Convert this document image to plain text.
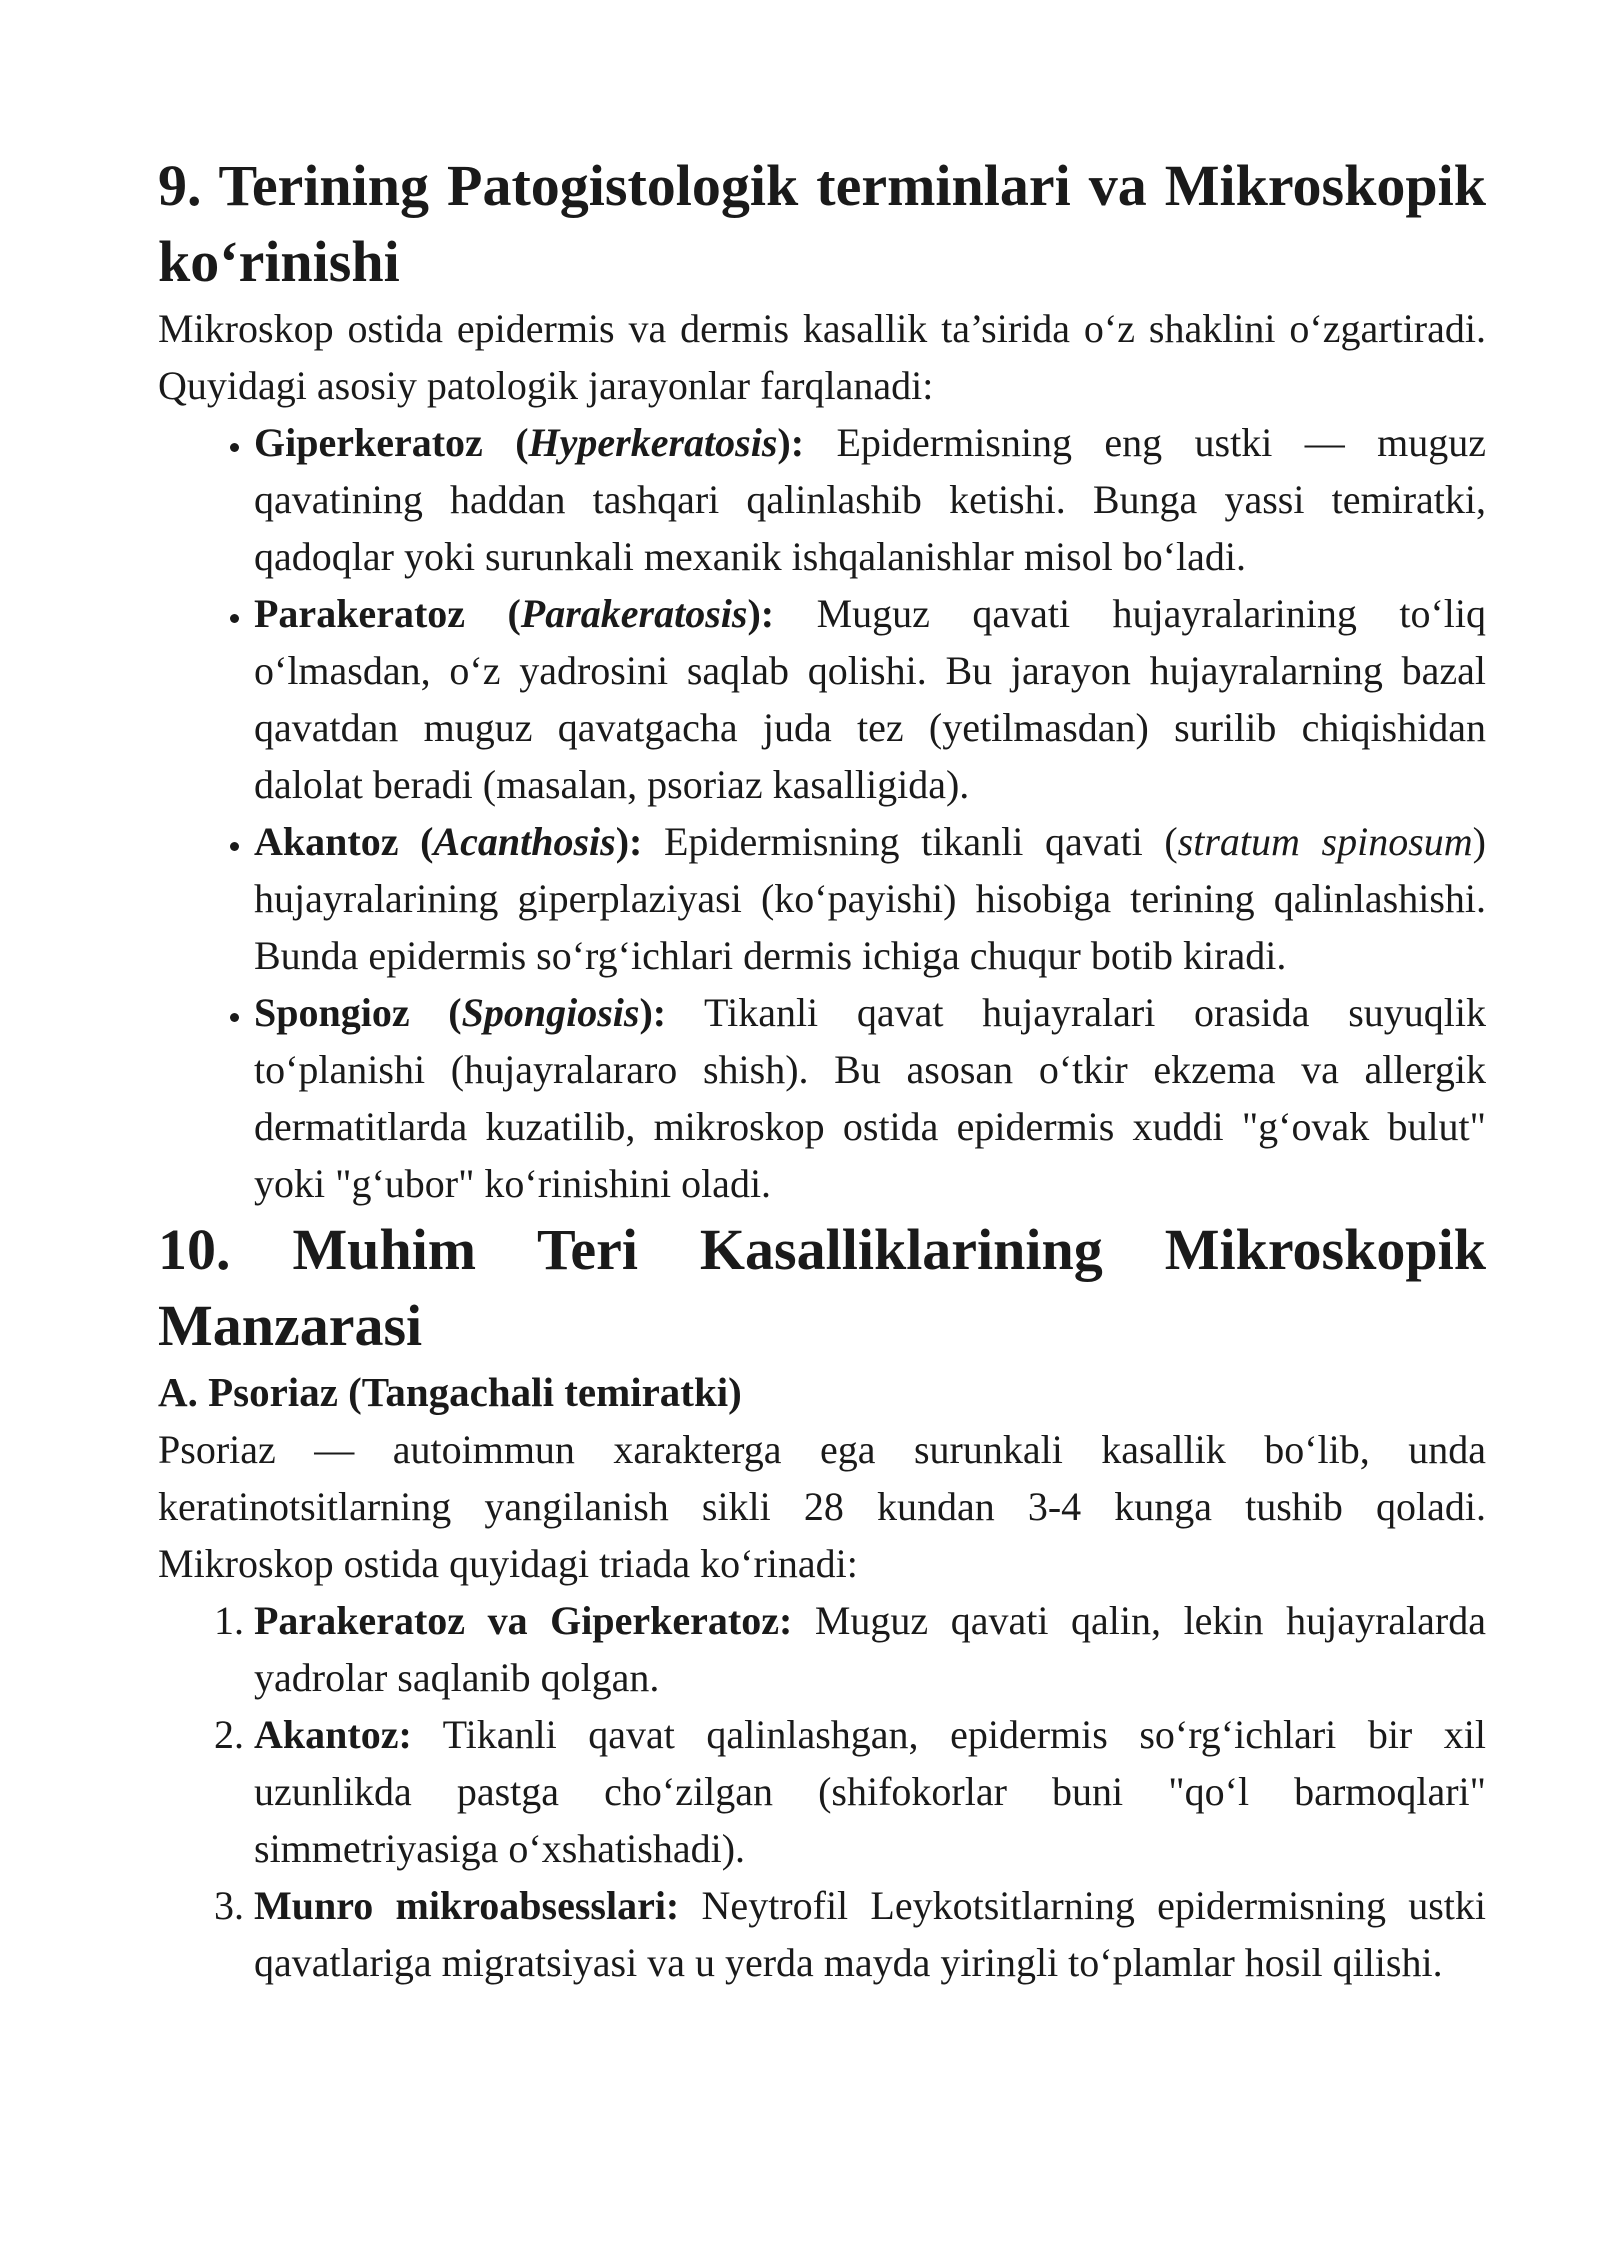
9. Terining Patogistologik terminlari va Mikroskopik ko‘rinishi

Mikroskop ostida epidermis va dermis kasallik ta’sirida o‘z shaklini o‘zgartiradi. Quyidagi asosiy patologik jarayonlar farqlanadi:

• Giperkeratoz (Hyperkeratosis): Epidermisning eng ustki — muguz qavatining haddan tashqari qalinlashib ketishi. Bunga yassi temiratki, qadoqlar yoki surunkali mexanik ishqalanishlar misol bo‘ladi.
• Parakeratoz (Parakeratosis): Muguz qavati hujayralarining to‘liq o‘lmasdan, o‘z yadrosini saqlab qolishi. Bu jarayon hujayralarning bazal qavatdan muguz qavatgacha juda tez (yetilmasdan) surilib chiqishidan dalolat beradi (masalan, psoriaz kasalligida).
• Akantoz (Acanthosis): Epidermisning tikanli qavati (stratum spinosum) hujayralarining giperplaziyasi (ko‘payishi) hisobiga terining qalinlashishi. Bunda epidermis so‘rg‘ichlari dermis ichiga chuqur botib kiradi.
• Spongioz (Spongiosis): Tikanli qavat hujayralari orasida suyuqlik to‘planishi (hujayralararo shish). Bu asosan o‘tkir ekzema va allergik dermatitlarda kuzatilib, mikroskop ostida epidermis xuddi "g‘ovak bulut" yoki "g‘ubor" ko‘rinishini oladi.
10. Muhim Teri Kasalliklarining Mikroskopik Manzarasi
A. Psoriaz (Tangachali temiratki)

Psoriaz — autoimmun xarakterga ega surunkali kasallik bo‘lib, unda keratinotsitlarning yangilanish sikli 28 kundan 3-4 kunga tushib qoladi. Mikroskop ostida quyidagi triada ko‘rinadi:

1. Parakeratoz va Giperkeratoz: Muguz qavati qalin, lekin hujayralarda yadrolar saqlanib qolgan.
2. Akantoz: Tikanli qavat qalinlashgan, epidermis so‘rg‘ichlari bir xil uzunlikda pastga cho‘zilgan (shifokorlar buni "qo‘l barmoqlari" simmetriyasiga o‘xshatishadi).
3. Munro mikroabsesslari: Neytrofil Leykotsitlarning epidermisning ustki qavatlariga migratsiyasi va u yerda mayda yiringli to‘plamlar hosil qilishi.
